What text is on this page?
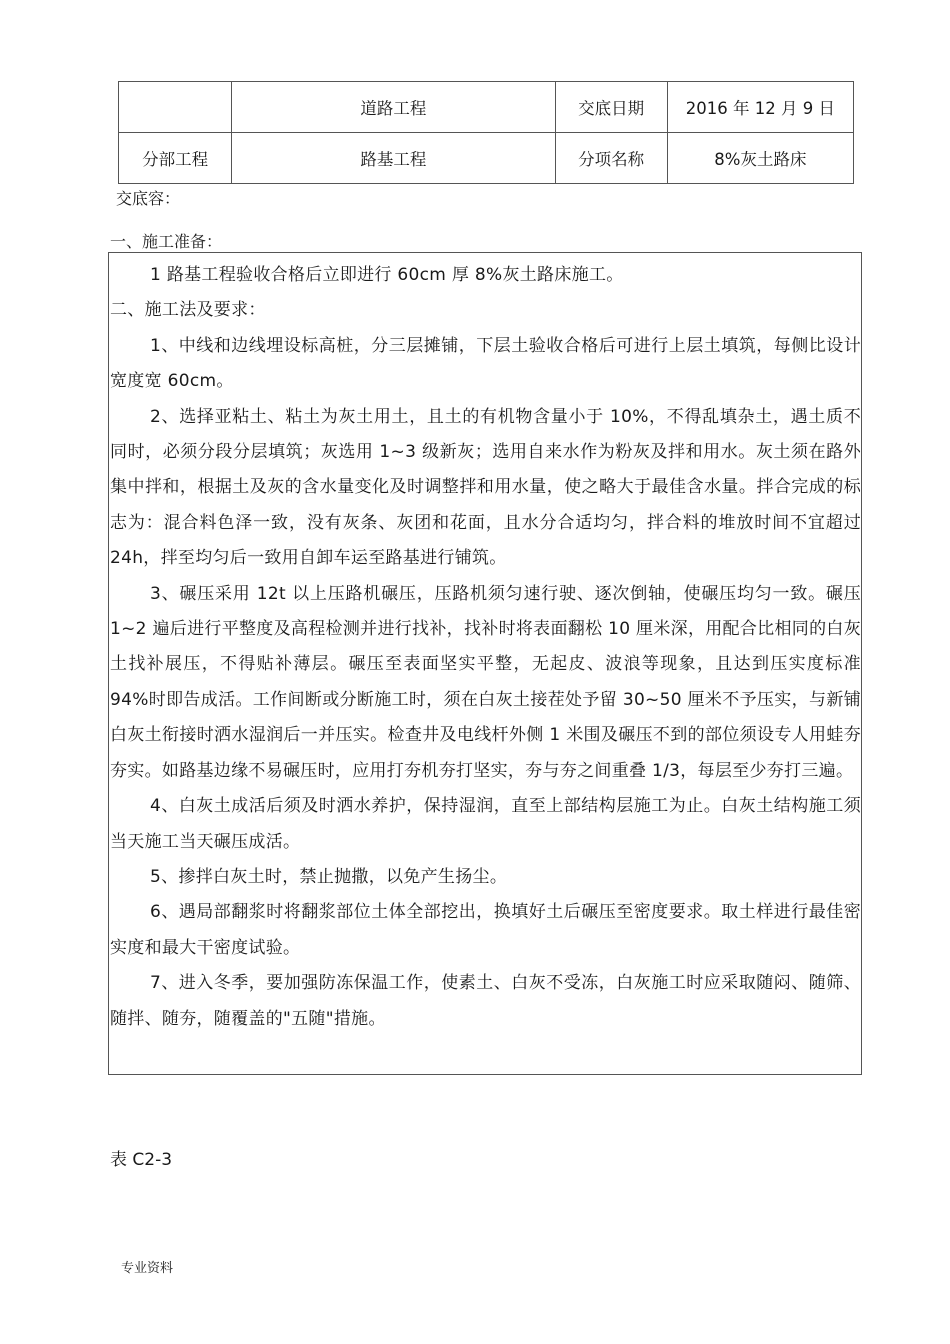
	道路工程	交底日期	2016 年 12 月 9 日
分部工程	路基工程	分项名称	8%灰土路床
交底容：
一、施工准备：

1 路基工程验收合格后立即进行 60cm 厚 8%灰土路床施工。

二、施工法及要求：

1、中线和边线埋设标高桩，分三层摊铺，下层土验收合格后可进行上层土填筑，每侧比设计宽度宽 60cm。

2、选择亚粘土、粘土为灰土用土，且土的有机物含量小于 10%，不得乱填杂土，遇土质不同时，必须分段分层填筑；灰选用 1~3 级新灰；选用自来水作为粉灰及拌和用水。灰土须在路外集中拌和，根据土及灰的含水量变化及时调整拌和用水量，使之略大于最佳含水量。拌合完成的标志为：混合料色泽一致，没有灰条、灰团和花面，且水分合适均匀，拌合料的堆放时间不宜超过 24h，拌至均匀后一致用自卸车运至路基进行铺筑。

3、碾压采用 12t 以上压路机碾压，压路机须匀速行驶、逐次倒轴，使碾压均匀一致。碾压 1~2 遍后进行平整度及高程检测并进行找补，找补时将表面翻松 10 厘米深，用配合比相同的白灰土找补展压，不得贴补薄层。碾压至表面坚实平整，无起皮、波浪等现象，且达到压实度标准 94%时即告成活。工作间断或分断施工时，须在白灰土接茬处予留 30~50 厘米不予压实，与新铺白灰土衔接时洒水湿润后一并压实。检查井及电线杆外侧 1 米围及碾压不到的部位须设专人用蛙夯夯实。如路基边缘不易碾压时，应用打夯机夯打坚实，夯与夯之间重叠 1/3，每层至少夯打三遍。

4、白灰土成活后须及时洒水养护，保持湿润，直至上部结构层施工为止。白灰土结构施工须当天施工当天碾压成活。

5、掺拌白灰土时，禁止抛撒，以免产生扬尘。

6、遇局部翻浆时将翻浆部位土体全部挖出，换填好土后碾压至密度要求。取土样进行最佳密实度和最大干密度试验。

7、进入冬季，要加强防冻保温工作，使素土、白灰不受冻，白灰施工时应采取随闷、随筛、随拌、随夯，随覆盖的"五随"措施。

表 C2-3
专业资料
